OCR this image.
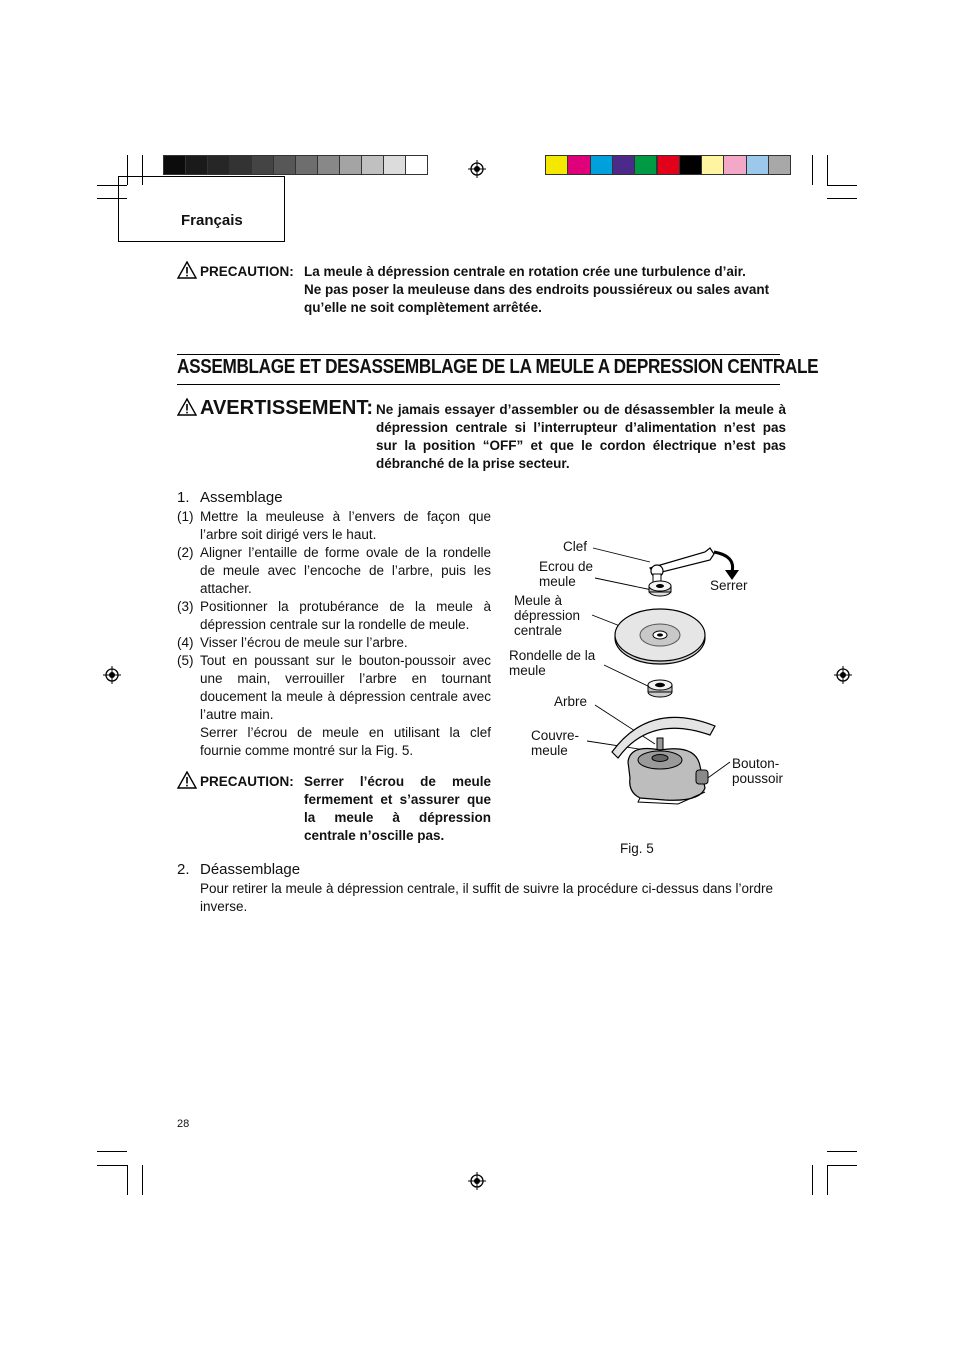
Français
PRECAUTION: La meule à dépression centrale en rotation crée une turbulence d’air.
Ne pas poser la meuleuse dans des endroits poussiéreux ou sales avant
qu’elle ne soit complètement arrêtée.
ASSEMBLAGE ET DESASSEMBLAGE DE LA MEULE A DEPRESSION CENTRALE
AVERTISSEMENT: Ne jamais essayer d’assembler ou de désassembler la meule à dépression centrale si l’interrupteur d’alimentation n’est pas sur la position “OFF” et que le cordon électrique n’est pas débranché de la prise secteur.
1. Assemblage

(1) Mettre la meuleuse à l’envers de façon que l’arbre soit dirigé vers le haut.

(2) Aligner l’entaille de forme ovale de la rondelle de meule avec l’encoche de l’arbre, puis les attacher.

(3) Positionner la protubérance de la meule à dépression centrale sur la rondelle de meule.

(4) Visser l’écrou de meule sur l’arbre.

(5) Tout en poussant sur le bouton-poussoir avec une main, verrouiller l’arbre en tournant doucement la meule à dépression centrale avec l’autre main.

Serrer l’écrou de meule en utilisant la clef fournie comme montré sur la Fig. 5.

PRECAUTION: Serrer l’écrou de meule fermement et s’assurer que la meule à dépression centrale n’oscille pas.
Clef
Ecrou de meule	Serrer
Meule à dépression centrale
Rondelle de la meule
Arbre
Couvre- meule
Bouton- poussoir
Fig. 5
2. Déassemblage
Pour retirer la meule à dépression centrale, il suffit de suivre la procédure ci-dessus dans l’ordre inverse.
28
